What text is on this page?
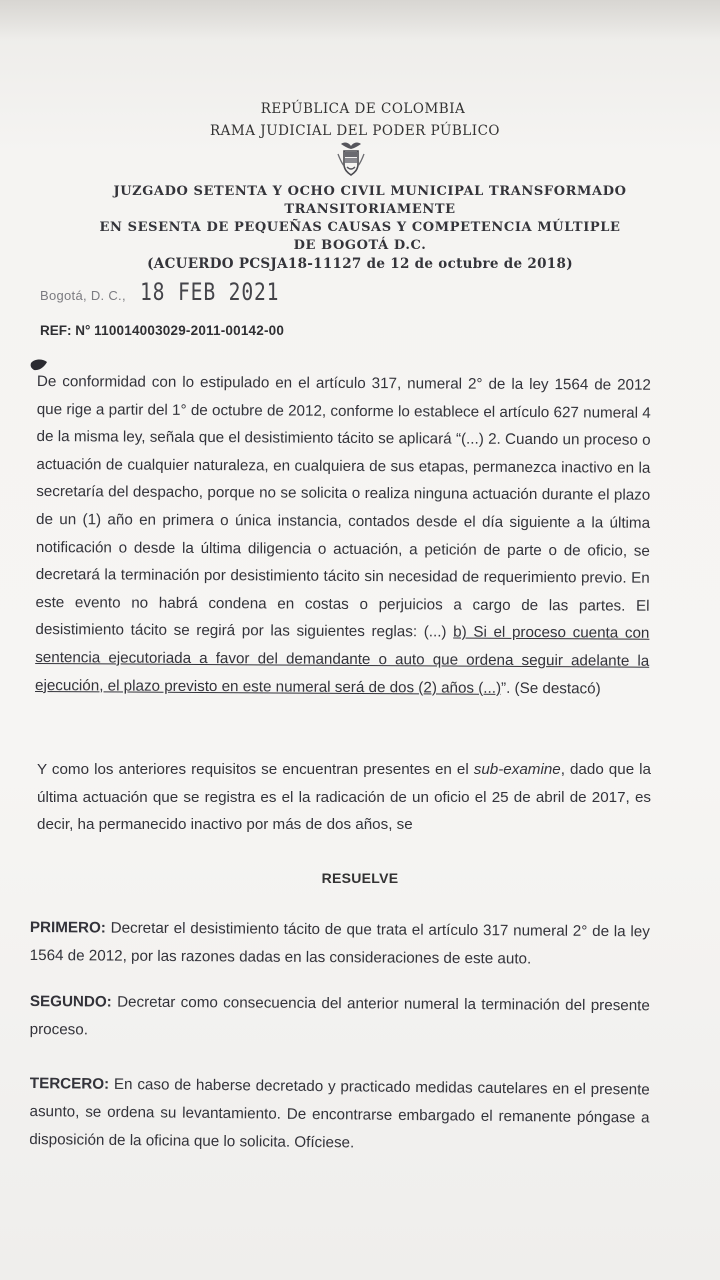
REPÚBLICA DE COLOMBIA
RAMA JUDICIAL DEL PODER PÚBLICO
JUZGADO SETENTA Y OCHO CIVIL MUNICIPAL TRANSFORMADO TRANSITORIAMENTE
EN SESENTA DE PEQUEÑAS CAUSAS Y COMPETENCIA MÚLTIPLE
DE BOGOTÁ D.C.
(ACUERDO PCSJA18-11127 de 12 de octubre de 2018)
Bogotá, D. C., 18 FEB 2021
REF: N° 110014003029-2011-00142-00
De conformidad con lo estipulado en el artículo 317, numeral 2° de la ley 1564 de 2012 que rige a partir del 1° de octubre de 2012, conforme lo establece el artículo 627 numeral 4 de la misma ley, señala que el desistimiento tácito se aplicará “(...) 2. Cuando un proceso o actuación de cualquier naturaleza, en cualquiera de sus etapas, permanezca inactivo en la secretaría del despacho, porque no se solicita o realiza ninguna actuación durante el plazo de un (1) año en primera o única instancia, contados desde el día siguiente a la última notificación o desde la última diligencia o actuación, a petición de parte o de oficio, se decretará la terminación por desistimiento tácito sin necesidad de requerimiento previo. En este evento no habrá condena en costas o perjuicios a cargo de las partes. El desistimiento tácito se regirá por las siguientes reglas: (...) b) Si el proceso cuenta con sentencia ejecutoriada a favor del demandante o auto que ordena seguir adelante la ejecución, el plazo previsto en este numeral será de dos (2) años (...)”. (Se destacó)
Y como los anteriores requisitos se encuentran presentes en el sub-examine, dado que la última actuación que se registra es el la radicación de un oficio el 25 de abril de 2017, es decir, ha permanecido inactivo por más de dos años, se
RESUELVE
PRIMERO: Decretar el desistimiento tácito de que trata el artículo 317 numeral 2° de la ley 1564 de 2012, por las razones dadas en las consideraciones de este auto.
SEGUNDO: Decretar como consecuencia del anterior numeral la terminación del presente proceso.
TERCERO: En caso de haberse decretado y practicado medidas cautelares en el presente asunto, se ordena su levantamiento. De encontrarse embargado el remanente póngase a disposición de la oficina que lo solicita. Ofíciese.
